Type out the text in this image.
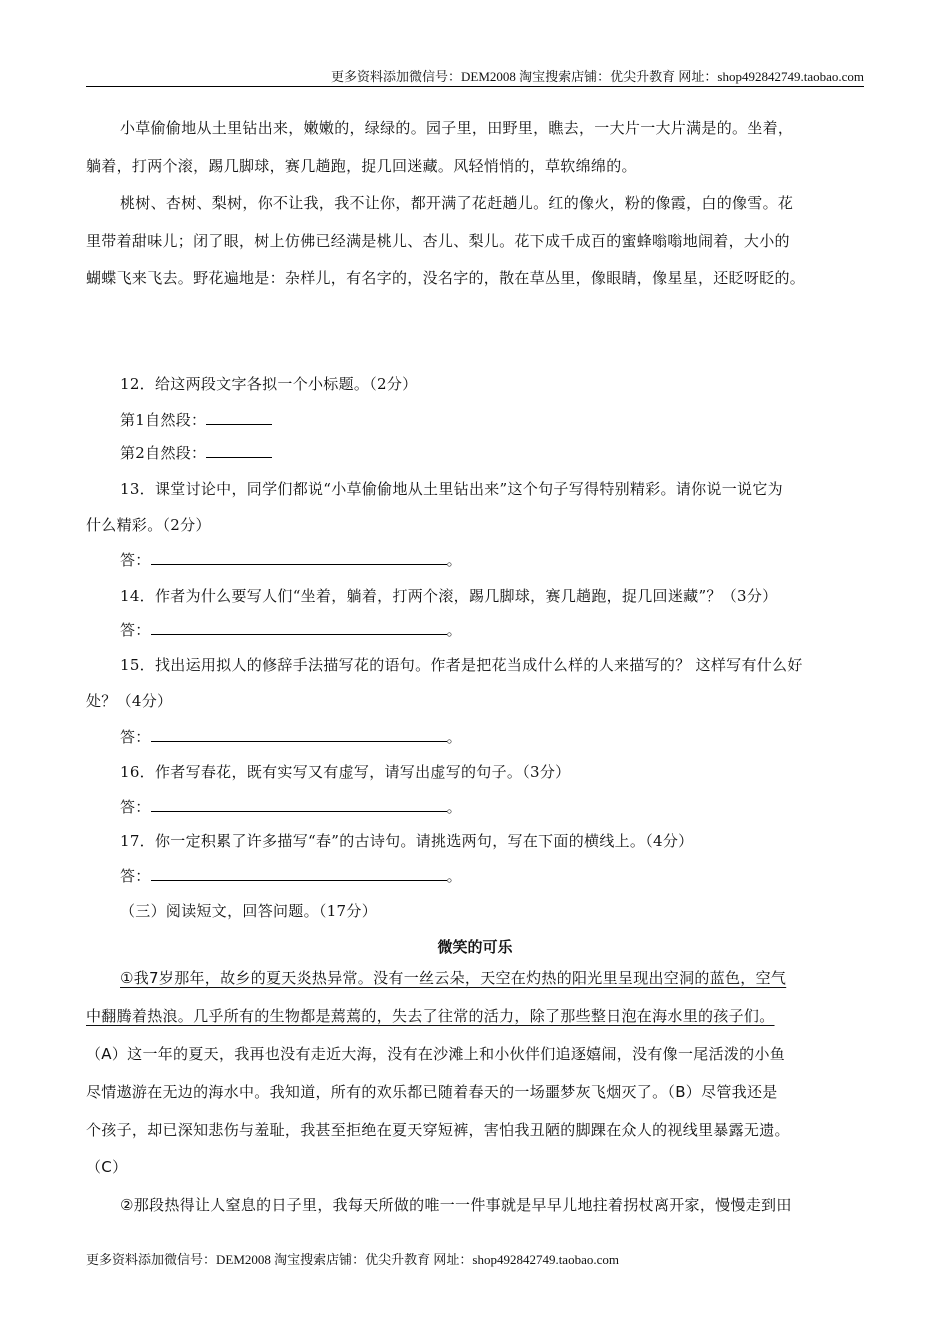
更多资料添加微信号：DEM2008 淘宝搜索店铺：优尖升教育 网址：shop492842749.taobao.com
小草偷偷地从土里钻出来，嫩嫩的，绿绿的。园子里，田野里，瞧去，一大片一大片满是的。坐着，
躺着，打两个滚，踢几脚球，赛几趟跑，捉几回迷藏。风轻悄悄的，草软绵绵的。
桃树、杏树、梨树，你不让我，我不让你，都开满了花赶趟儿。红的像火，粉的像霞，白的像雪。花
里带着甜味儿；闭了眼，树上仿佛已经满是桃儿、杏儿、梨儿。花下成千成百的蜜蜂嗡嗡地闹着，大小的
蝴蝶飞来飞去。野花遍地是：杂样儿，有名字的，没名字的，散在草丛里，像眼睛，像星星，还眨呀眨的。
12．给这两段文字各拟一个小标题。（2分）
第1自然段：
第2自然段：
13．课堂讨论中，同学们都说“小草偷偷地从土里钻出来”这个句子写得特别精彩。请你说一说它为
什么精彩。（2分）
答：	。
14．作者为什么要写人们“坐着，躺着，打两个滚，踢几脚球，赛几趟跑，捉几回迷藏”？（3分）
答：	。
15．找出运用拟人的修辞手法描写花的语句。作者是把花当成什么样的人来描写的？ 这样写有什么好
处？（4分）
答：	。
16．作者写春花，既有实写又有虚写，请写出虚写的句子。（3分）
答：	。
17．你一定积累了许多描写“春”的古诗句。请挑选两句，写在下面的横线上。（4分）
答：	。
（三）阅读短文，回答问题。（17分）
微笑的可乐
①我7岁那年，故乡的夏天炎热异常。没有一丝云朵，天空在灼热的阳光里呈现出空洞的蓝色，空气
中翻腾着热浪。几乎所有的生物都是蔫蔫的，失去了往常的活力，除了那些整日泡在海水里的孩子们。
（A）这一年的夏天，我再也没有走近大海，没有在沙滩上和小伙伴们追逐嬉闹，没有像一尾活泼的小鱼
尽情遨游在无边的海水中。我知道，所有的欢乐都已随着春天的一场噩梦灰飞烟灭了。（B）尽管我还是
个孩子，却已深知悲伤与羞耻，我甚至拒绝在夏天穿短裤，害怕我丑陋的脚踝在众人的视线里暴露无遗。
（C）
②那段热得让人窒息的日子里，我每天所做的唯一一件事就是早早儿地拄着拐杖离开家，慢慢走到田
更多资料添加微信号：DEM2008 淘宝搜索店铺：优尖升教育 网址：shop492842749.taobao.com
